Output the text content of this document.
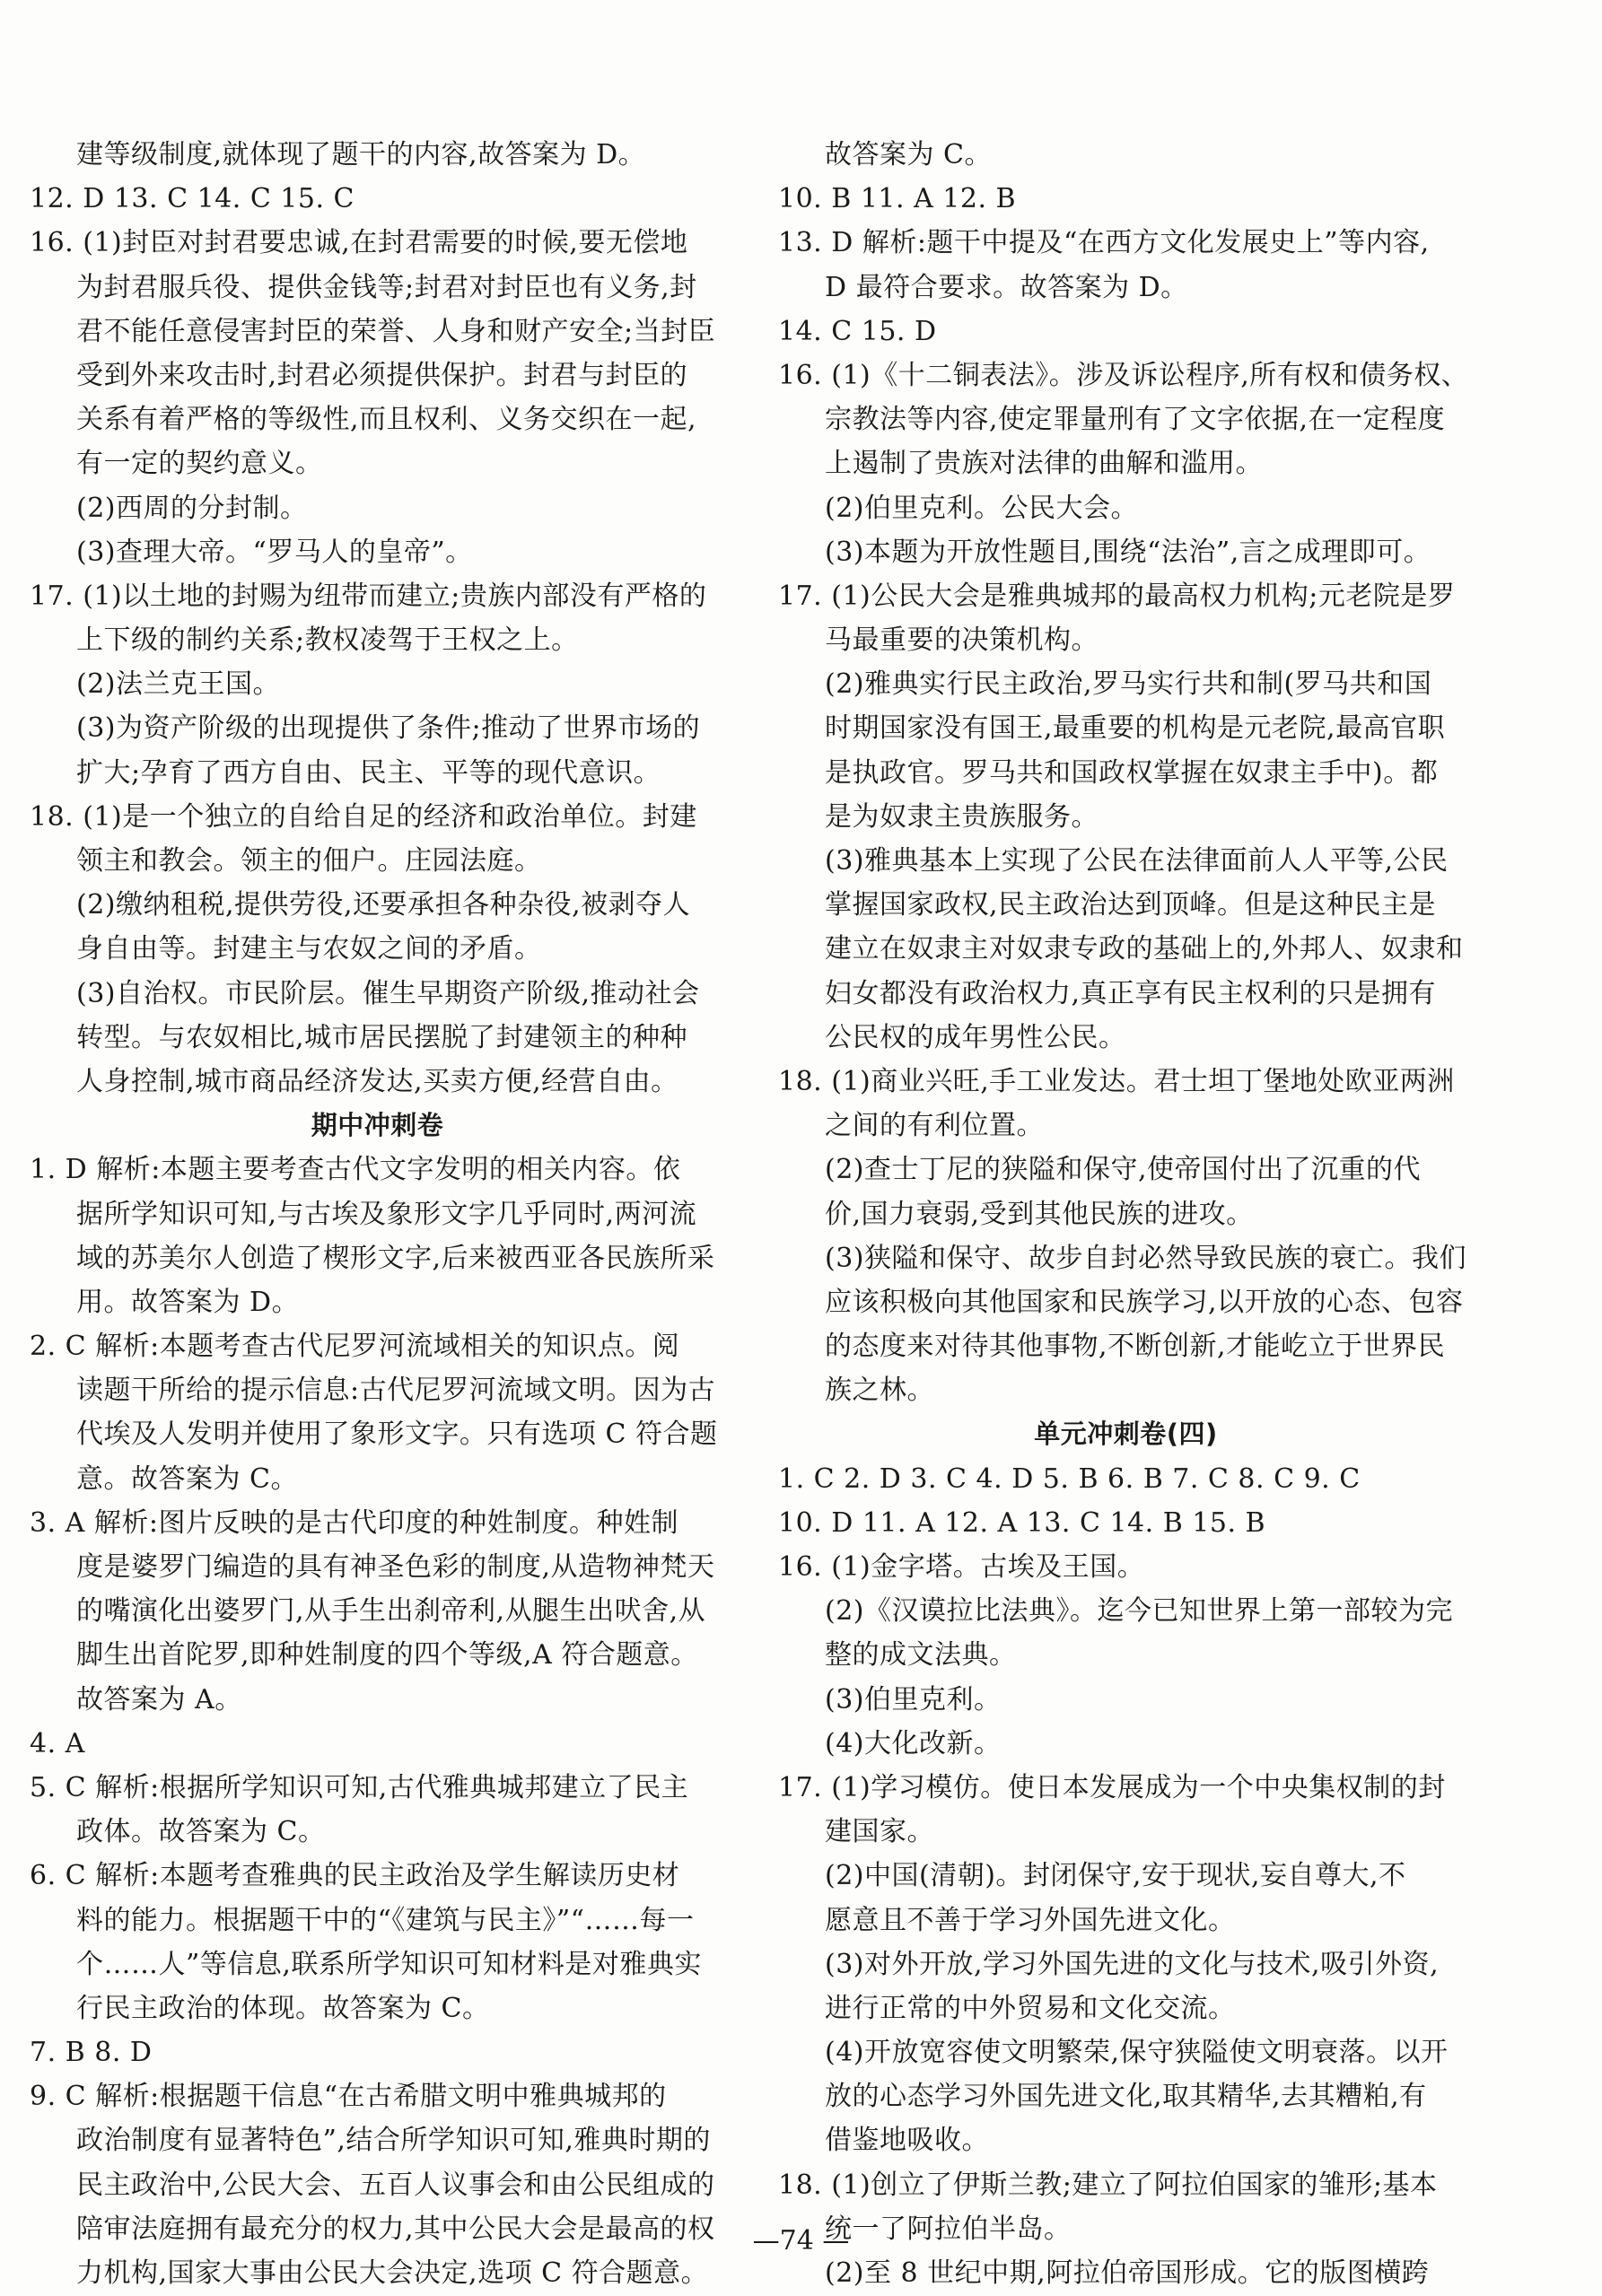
建等级制度,就体现了题干的内容,故答案为 D。
12. D 13. C 14. C 15. C
16. (1)封臣对封君要忠诚,在封君需要的时候,要无偿地
为封君服兵役、提供金钱等;封君对封臣也有义务,封
君不能任意侵害封臣的荣誉、人身和财产安全;当封臣
受到外来攻击时,封君必须提供保护。封君与封臣的
关系有着严格的等级性,而且权利、义务交织在一起,
有一定的契约意义。
(2)西周的分封制。
(3)查理大帝。“罗马人的皇帝”。
17. (1)以土地的封赐为纽带而建立;贵族内部没有严格的
上下级的制约关系;教权凌驾于王权之上。
(2)法兰克王国。
(3)为资产阶级的出现提供了条件;推动了世界市场的
扩大;孕育了西方自由、民主、平等的现代意识。
18. (1)是一个独立的自给自足的经济和政治单位。封建
领主和教会。领主的佃户。庄园法庭。
(2)缴纳租税,提供劳役,还要承担各种杂役,被剥夺人
身自由等。封建主与农奴之间的矛盾。
(3)自治权。市民阶层。催生早期资产阶级,推动社会
转型。与农奴相比,城市居民摆脱了封建领主的种种
人身控制,城市商品经济发达,买卖方便,经营自由。
期中冲刺卷
1. D 解析:本题主要考查古代文字发明的相关内容。依
据所学知识可知,与古埃及象形文字几乎同时,两河流
域的苏美尔人创造了楔形文字,后来被西亚各民族所采
用。故答案为 D。
2. C 解析:本题考查古代尼罗河流域相关的知识点。阅
读题干所给的提示信息:古代尼罗河流域文明。因为古
代埃及人发明并使用了象形文字。只有选项 C 符合题
意。故答案为 C。
3. A 解析:图片反映的是古代印度的种姓制度。种姓制
度是婆罗门编造的具有神圣色彩的制度,从造物神梵天
的嘴演化出婆罗门,从手生出刹帝利,从腿生出吠舍,从
脚生出首陀罗,即种姓制度的四个等级,A 符合题意。
故答案为 A。
4. A
5. C 解析:根据所学知识可知,古代雅典城邦建立了民主
政体。故答案为 C。
6. C 解析:本题考查雅典的民主政治及学生解读历史材
料的能力。根据题干中的“《建筑与民主》”“……每一
个……人”等信息,联系所学知识可知材料是对雅典实
行民主政治的体现。故答案为 C。
7. B 8. D
9. C 解析:根据题干信息“在古希腊文明中雅典城邦的
政治制度有显著特色”,结合所学知识可知,雅典时期的
民主政治中,公民大会、五百人议事会和由公民组成的
陪审法庭拥有最充分的权力,其中公民大会是最高的权
力机构,国家大事由公民大会决定,选项 C 符合题意。
故答案为 C。
10. B 11. A 12. B
13. D 解析:题干中提及“在西方文化发展史上”等内容,
D 最符合要求。故答案为 D。
14. C 15. D
16. (1)《十二铜表法》。涉及诉讼程序,所有权和债务权、
宗教法等内容,使定罪量刑有了文字依据,在一定程度
上遏制了贵族对法律的曲解和滥用。
(2)伯里克利。公民大会。
(3)本题为开放性题目,围绕“法治”,言之成理即可。
17. (1)公民大会是雅典城邦的最高权力机构;元老院是罗
马最重要的决策机构。
(2)雅典实行民主政治,罗马实行共和制(罗马共和国
时期国家没有国王,最重要的机构是元老院,最高官职
是执政官。罗马共和国政权掌握在奴隶主手中)。都
是为奴隶主贵族服务。
(3)雅典基本上实现了公民在法律面前人人平等,公民
掌握国家政权,民主政治达到顶峰。但是这种民主是
建立在奴隶主对奴隶专政的基础上的,外邦人、奴隶和
妇女都没有政治权力,真正享有民主权利的只是拥有
公民权的成年男性公民。
18. (1)商业兴旺,手工业发达。君士坦丁堡地处欧亚两洲
之间的有利位置。
(2)查士丁尼的狭隘和保守,使帝国付出了沉重的代
价,国力衰弱,受到其他民族的进攻。
(3)狭隘和保守、故步自封必然导致民族的衰亡。我们
应该积极向其他国家和民族学习,以开放的心态、包容
的态度来对待其他事物,不断创新,才能屹立于世界民
族之林。
单元冲刺卷(四)
1. C 2. D 3. C 4. D 5. B 6. B 7. C 8. C 9. C
10. D 11. A 12. A 13. C 14. B 15. B
16. (1)金字塔。古埃及王国。
(2)《汉谟拉比法典》。迄今已知世界上第一部较为完
整的成文法典。
(3)伯里克利。
(4)大化改新。
17. (1)学习模仿。使日本发展成为一个中央集权制的封
建国家。
(2)中国(清朝)。封闭保守,安于现状,妄自尊大,不
愿意且不善于学习外国先进文化。
(3)对外开放,学习外国先进的文化与技术,吸引外资,
进行正常的中外贸易和文化交流。
(4)开放宽容使文明繁荣,保守狭隘使文明衰落。以开
放的心态学习外国先进文化,取其精华,去其糟粕,有
借鉴地吸收。
18. (1)创立了伊斯兰教;建立了阿拉伯国家的雏形;基本
统一了阿拉伯半岛。
(2)至 8 世纪中期,阿拉伯帝国形成。它的版图横跨
—74 —
